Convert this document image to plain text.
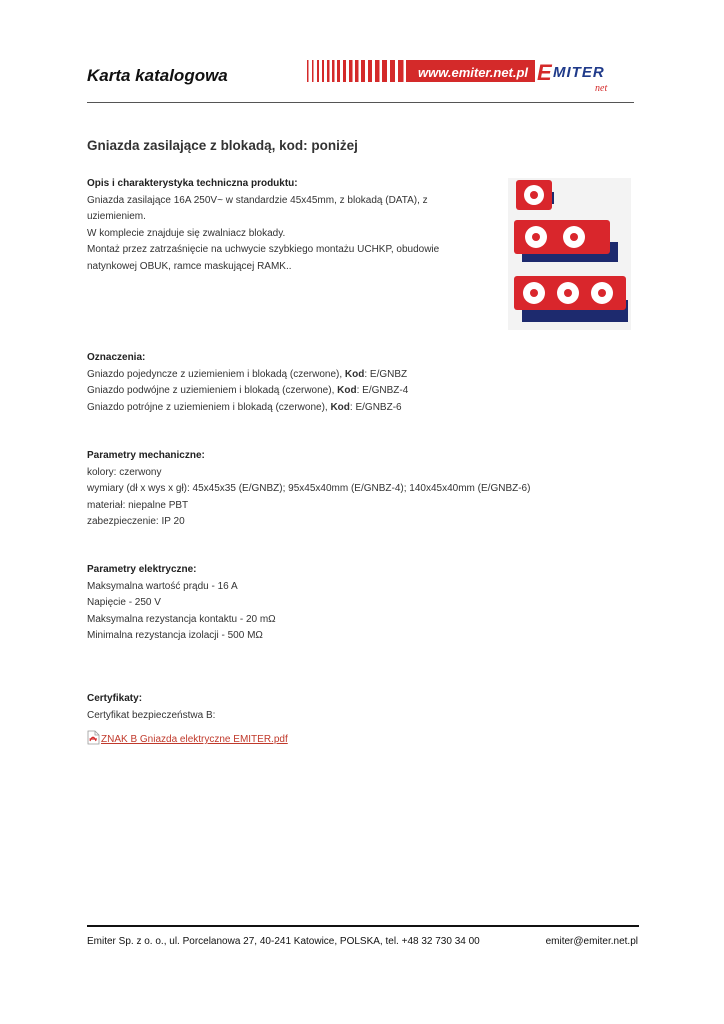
Karta katalogowa	www.emiter.net.pl E MITER
net
Gniazda zasilające z blokadą, kod: poniżej
Opis i charakterystyka techniczna produktu:
Gniazda zasilające 16A 250V~ w standardzie 45x45mm, z blokadą (DATA), z
uziemieniem.
W komplecie znajduje się zwalniacz blokady.
Montaż przez zatrzaśnięcie na uchwycie szybkiego montażu UCHKP, obudowie
natynkowej OBUK, ramce maskującej RAMK..
Oznaczenia:
Gniazdo pojedyncze z uziemieniem i blokadą (czerwone), Kod: E/GNBZ
Gniazdo podwójne z uziemieniem i blokadą (czerwone), Kod: E/GNBZ-4
Gniazdo potrójne z uziemieniem i blokadą (czerwone), Kod: E/GNBZ-6
Parametry mechaniczne:
kolory: czerwony
wymiary (dł x wys x gł): 45x45x35 (E/GNBZ); 95x45x40mm (E/GNBZ-4); 140x45x40mm (E/GNBZ-6)
materiał: niepalne PBT
zabezpieczenie: IP 20
Parametry elektryczne:
Maksymalna wartość prądu - 16 A
Napięcie - 250 V
Maksymalna rezystancja kontaktu - 20 mΩ
Minimalna rezystancja izolacji - 500 MΩ
Certyfikaty:
Certyfikat bezpieczeństwa B:
ZNAK B Gniazda elektryczne EMITER.pdf
Emiter Sp. z o. o., ul. Porcelanowa 27, 40-241 Katowice, POLSKA, tel. +48 32 730 34 00	emiter@emiter.net.pl
